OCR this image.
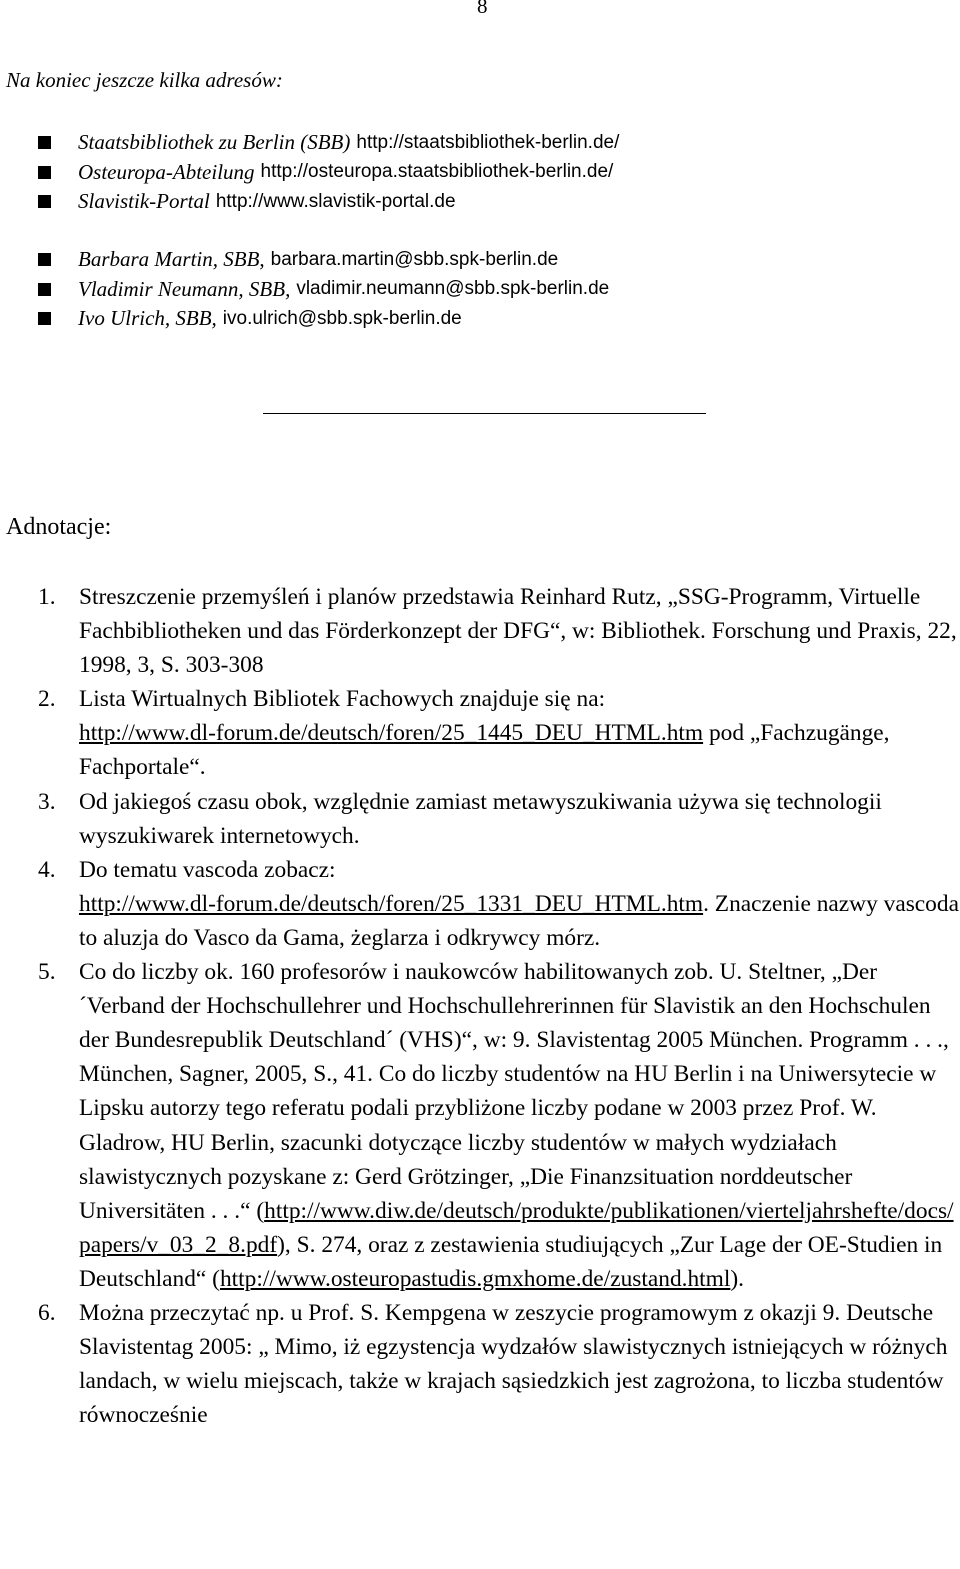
8
Na koniec jeszcze kilka adresów:
Staatsbibliothek zu Berlin (SBB) http://staatsbibliothek-berlin.de/
Osteuropa-Abteilung http://osteuropa.staatsbibliothek-berlin.de/
Slavistik-Portal http://www.slavistik-portal.de
Barbara Martin, SBB, barbara.martin@sbb.spk-berlin.de
Vladimir Neumann, SBB, vladimir.neumann@sbb.spk-berlin.de
Ivo Ulrich, SBB, ivo.ulrich@sbb.spk-berlin.de
Adnotacje:
1. Streszczenie przemyśleń i planów przedstawia Reinhard Rutz, „SSG-Programm, Virtuelle Fachbibliotheken und das Förderkonzept der DFG“, w: Bibliothek. Forschung und Praxis, 22, 1998, 3, S. 303-308
2. Lista Wirtualnych Bibliotek Fachowych znajduje się na: http://www.dl-forum.de/deutsch/foren/25_1445_DEU_HTML.htm pod „Fachzugänge, Fachportale“.
3. Od jakiegoś czasu obok, względnie zamiast metawyszukiwania używa się technologii wyszukiwarek internetowych.
4. Do tematu vascoda zobacz: http://www.dl-forum.de/deutsch/foren/25_1331_DEU_HTML.htm. Znaczenie nazwy vascoda to aluzja do Vasco da Gama, żeglarza i odkrywcy mórz.
5. Co do liczby ok. 160 profesorów i naukowców habilitowanych zob. U. Steltner, „Der ´Verband der Hochschullehrer und Hochschullehrerinnen für Slavistik an den Hochschulen der Bundesrepublik Deutschland´ (VHS)“, w: 9. Slavistentag 2005 München. Programm . . ., München, Sagner, 2005, S., 41. Co do liczby studentów na HU Berlin i na Uniwersytecie w Lipsku autorzy tego referatu podali przybliżone liczby podane w 2003 przez Prof. W. Gladrow, HU Berlin, szacunki dotyczące liczby studentów w małych wydziałach slawistycznych pozyskane z: Gerd Grötzinger, „Die Finanzsituation norddeutscher Universitäten . . .“ (http://www.diw.de/deutsch/produkte/publikationen/vierteljahrshefte/docs/papers/v_03_2_8.pdf), S. 274, oraz z zestawienia studiujących „Zur Lage der OE-Studien in Deutschland“ (http://www.osteuropastudis.gmxhome.de/zustand.html).
6. Można przeczytać np. u Prof. S. Kempgena w zeszycie programowym z okazji 9. Deutsche Slavistentag 2005: „ Mimo, iż egzystencja wydzałów slawistycznych istniejących w różnych landach, w wielu miejscach, także w krajach sąsiedzkich jest zagrożona, to liczba studentów równocześnie
